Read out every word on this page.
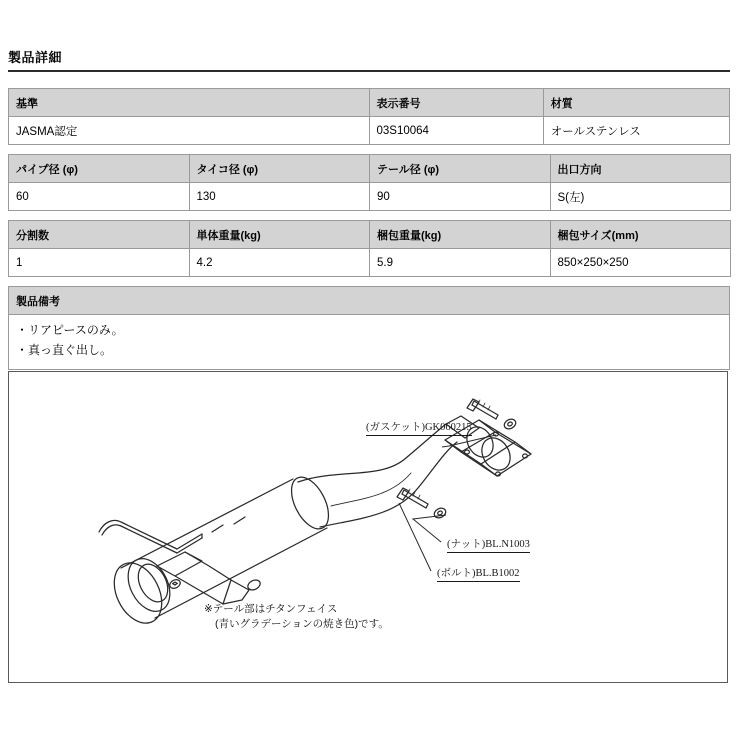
製品詳細
基準	表示番号	材質
JASMA認定	03S10064	オールステンレス
パイプ径 (φ)	タイコ径 (φ)	テール径 (φ)	出口方向
60	130	90	S(左)
分割数	単体重量(kg)	梱包重量(kg)	梱包サイズ(mm)
1	4.2	5.9	850×250×250
製品備考

・リアピースのみ。
・真っ直ぐ出し。
(ガスケット)GK060215
(ナット)BL.N1003
(ボルト)BL.B1002
※テール部はチタンフェイス
(青いグラデーションの焼き色)です。
